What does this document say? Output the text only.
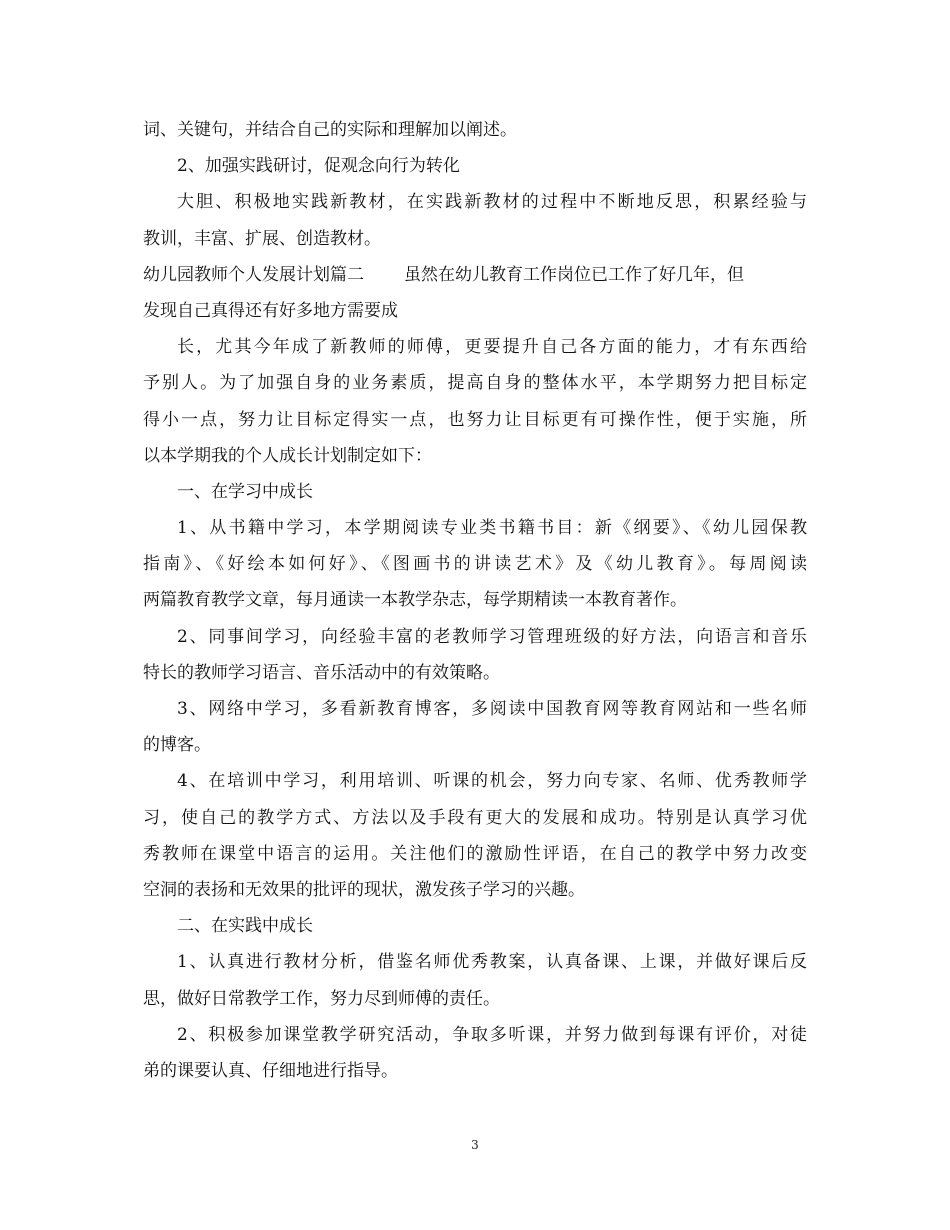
词、关键句，并结合自己的实际和理解加以阐述。
2、加强实践研讨，促观念向行为转化
大胆、积极地实践新教材，在实践新教材的过程中不断地反思，积累经验与
教训，丰富、扩展、创造教材。
幼儿园教师个人发展计划篇二 虽然在幼儿教育工作岗位已工作了好几年，但
发现自己真得还有好多地方需要成
长，尤其今年成了新教师的师傅，更要提升自己各方面的能力，才有东西给
予别人。为了加强自身的业务素质，提高自身的整体水平，本学期努力把目标定
得小一点，努力让目标定得实一点，也努力让目标更有可操作性，便于实施，所
以本学期我的个人成长计划制定如下：
一、在学习中成长
1、从书籍中学习，本学期阅读专业类书籍书目：新《纲要》、《幼儿园保教
指南》、《好绘本如何好》、《图画书的讲读艺术》及《幼儿教育》。每周阅读
两篇教育教学文章，每月通读一本教学杂志，每学期精读一本教育著作。
2、同事间学习，向经验丰富的老教师学习管理班级的好方法，向语言和音乐
特长的教师学习语言、音乐活动中的有效策略。
3、网络中学习，多看新教育博客，多阅读中国教育网等教育网站和一些名师
的博客。
4、在培训中学习，利用培训、听课的机会，努力向专家、名师、优秀教师学
习，使自己的教学方式、方法以及手段有更大的发展和成功。特别是认真学习优
秀教师在课堂中语言的运用。关注他们的激励性评语，在自己的教学中努力改变
空洞的表扬和无效果的批评的现状，激发孩子学习的兴趣。
二、在实践中成长
1、认真进行教材分析，借鉴名师优秀教案，认真备课、上课，并做好课后反
思，做好日常教学工作，努力尽到师傅的责任。
2、积极参加课堂教学研究活动，争取多听课，并努力做到每课有评价，对徒
弟的课要认真、仔细地进行指导。
3
